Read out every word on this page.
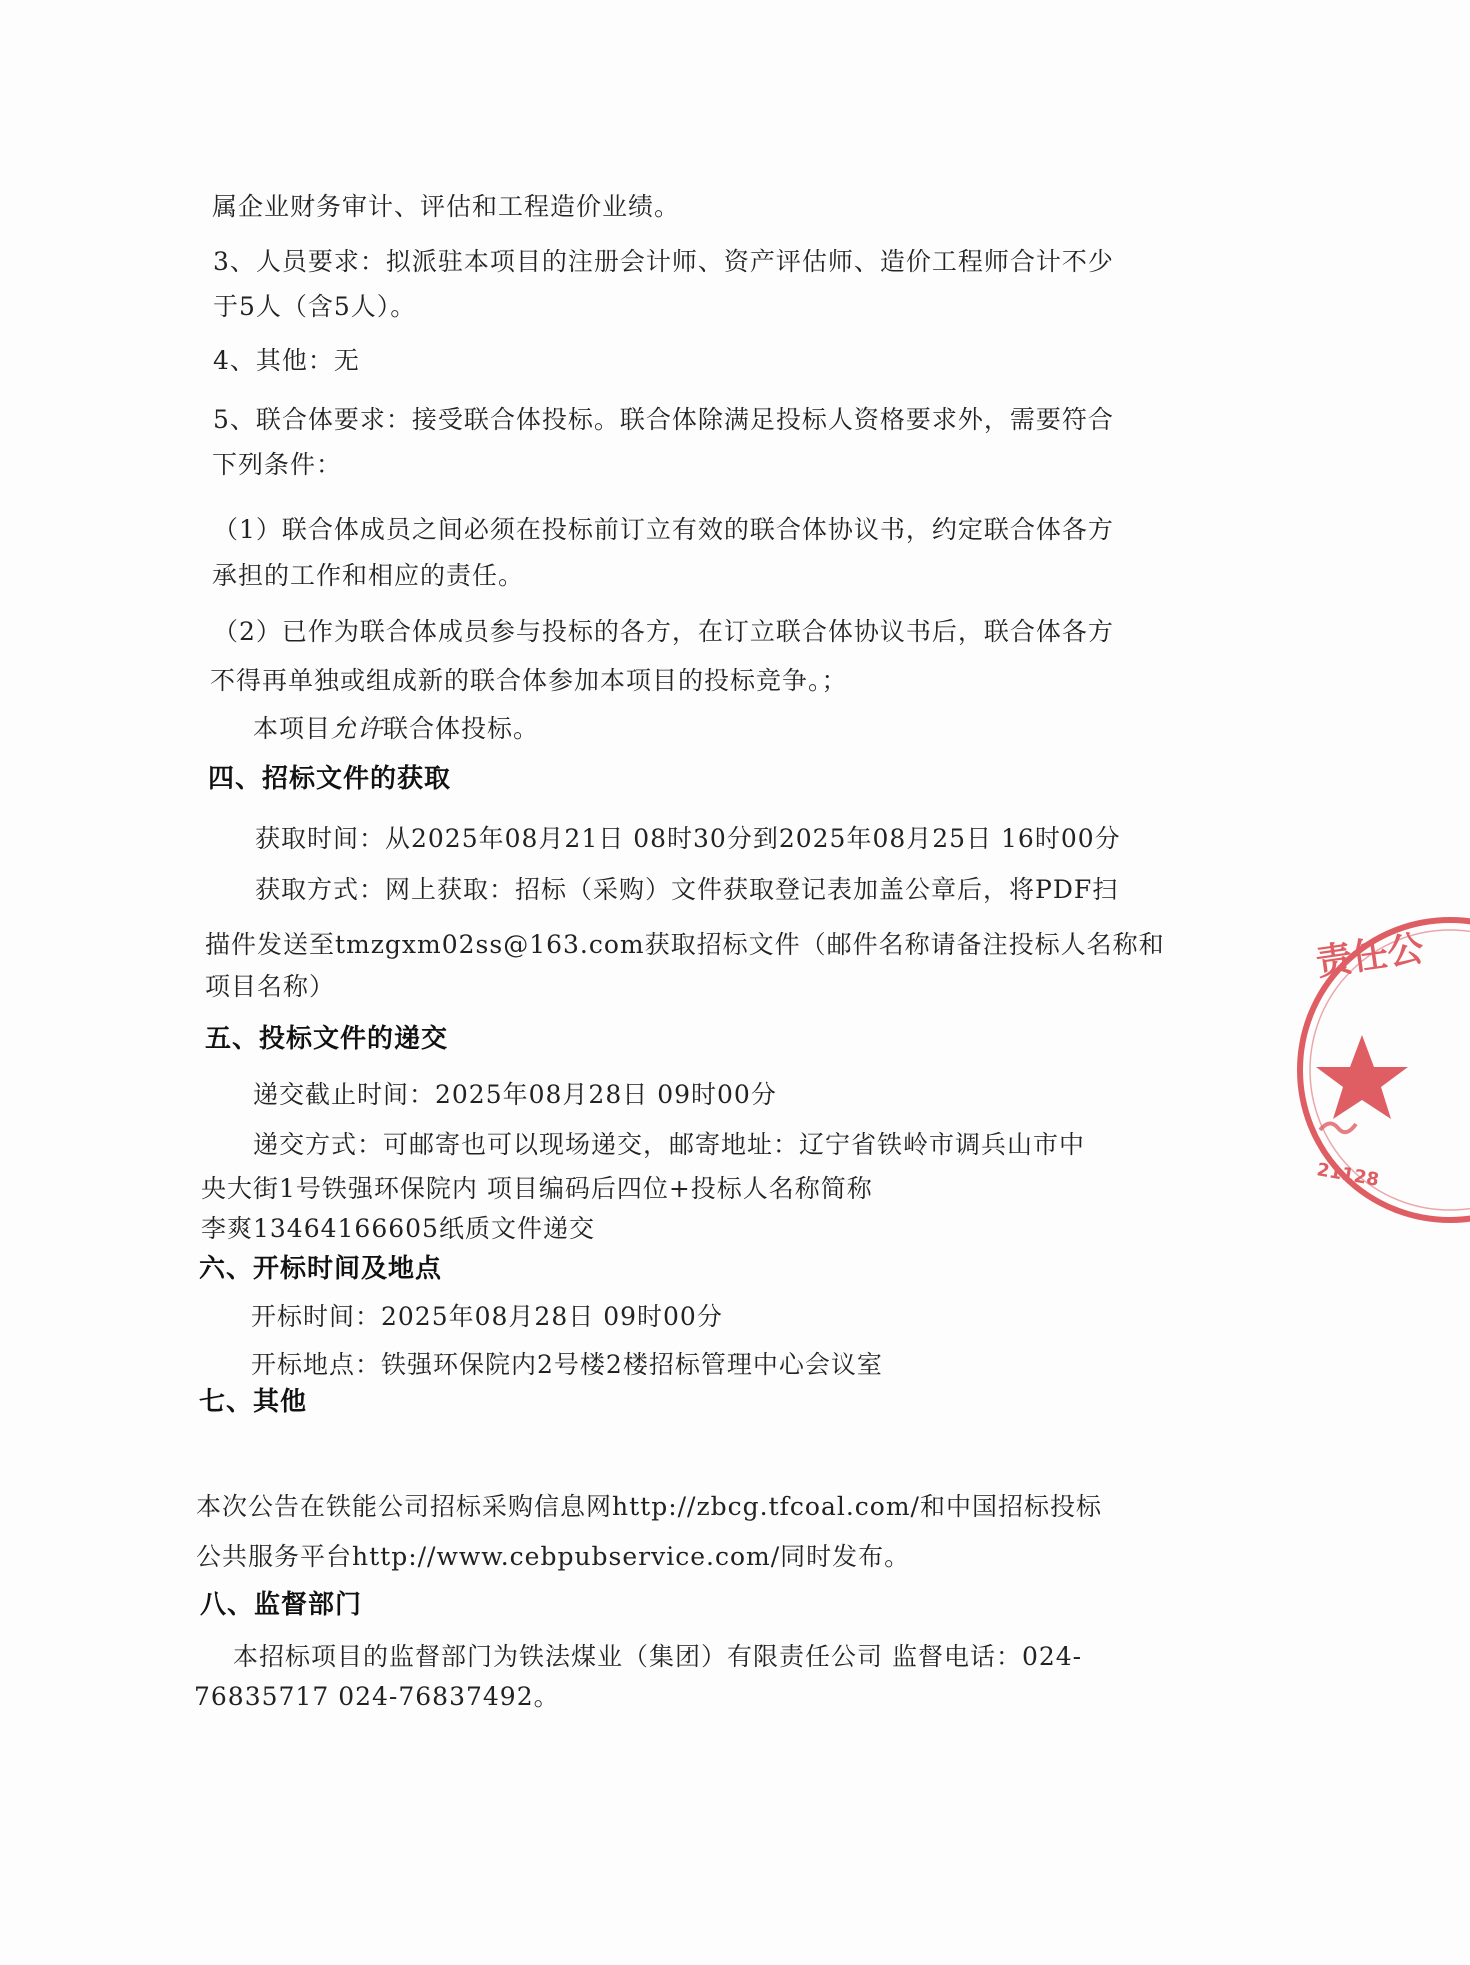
属企业财务审计、评估和工程造价业绩。
3、人员要求：拟派驻本项目的注册会计师、资产评估师、造价工程师合计不少
于5人（含5人）。
4、其他：无
5、联合体要求：接受联合体投标。联合体除满足投标人资格要求外，需要符合
下列条件：
（1）联合体成员之间必须在投标前订立有效的联合体协议书，约定联合体各方
承担的工作和相应的责任。
（2）已作为联合体成员参与投标的各方，在订立联合体协议书后，联合体各方
不得再单独或组成新的联合体参加本项目的投标竞争。；
本项目允许联合体投标。
四、招标文件的获取
获取时间：从2025年08月21日 08时30分到2025年08月25日 16时00分
获取方式：网上获取：招标（采购）文件获取登记表加盖公章后，将PDF扫
描件发送至tmzgxm02ss@163.com获取招标文件（邮件名称请备注投标人名称和
项目名称）
五、投标文件的递交
递交截止时间：2025年08月28日 09时00分
递交方式：可邮寄也可以现场递交，邮寄地址：辽宁省铁岭市调兵山市中
央大街1号铁强环保院内 项目编码后四位+投标人名称简称
李爽13464166605纸质文件递交
六、开标时间及地点
开标时间：2025年08月28日 09时00分
开标地点：铁强环保院内2号楼2楼招标管理中心会议室
七、其他
本次公告在铁能公司招标采购信息网http://zbcg.tfcoal.com/和中国招标投标
公共服务平台http://www.cebpubservice.com/同时发布。
八、监督部门
本招标项目的监督部门为铁法煤业（集团）有限责任公司 监督电话：024-
76835717 024-76837492。
责任公
21128
